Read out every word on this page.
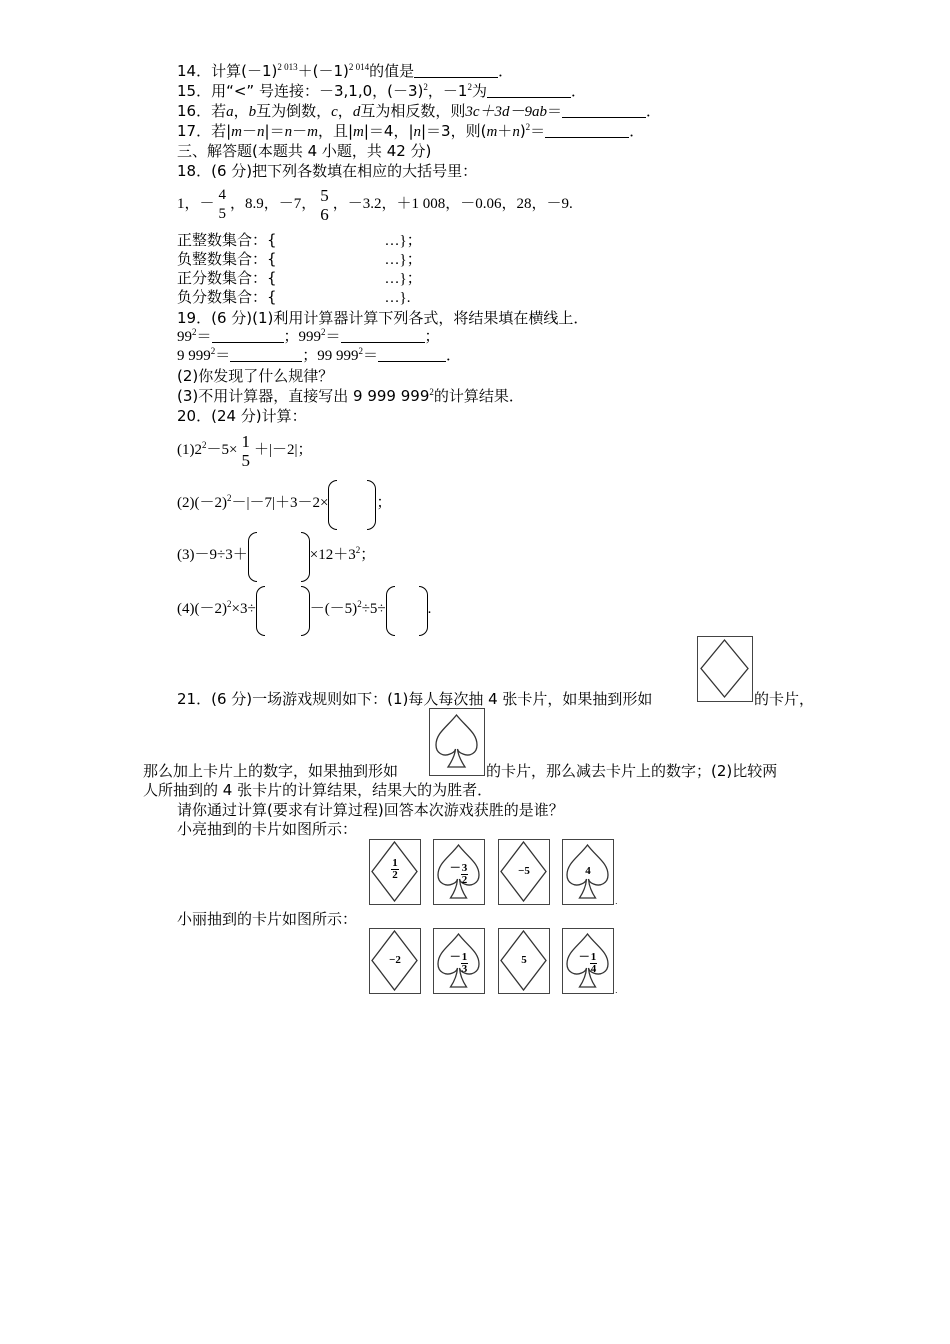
14．计算$(-1)^{2 013}+(-1)^{2 014}$的值是	．
15．用“<” 号连接：－3,1,0，$(-3)^2$，$-1^2$为	．
16．若a，b互为倒数，c，d互为相反数，则3c＋3d－9ab＝	．
17．若|m－n|＝n－m，且|m|＝4，|n|＝3，则$(m+n)^2=$	．
三、解答题(本题共 4 小题，共 42 分)
18．(6 分)把下列各数填在相应的大括号里：
1，－
4
5
，8.9，－7， 5
6
，－3.2，＋1 008，－0.06，28，－9.
正整数集合：{	…}；
负整数集合：{	…}；
正分数集合：{	…}；
负分数集合：{	…}.
19．(6 分)(1)利用计算器计算下列各式，将结果填在横线上．
$99^2=$	；$999^2=$	；
9 $999^2=$	；99 $999^2=$	．
(2)你发现了什么规律？
(3)不用计算器，直接写出 9 999 $999^2$的计算结果．
20．(24 分)计算：
$(1)2^2-5\times 1$
5
＋|－2|；
$(2)(-2)^2-|-7|+3-2\times$	；
(3)－9÷3＋	$\times 12+3^2$；
$(4)(-2)^2\times 3\div$	$-(-5)^2\div 5\div$	.
21．(6 分)一场游戏规则如下：(1)每人每次抽 4 张卡片，如果抽到形如	的卡片，
那么加上卡片上的数字，如果抽到形如	的卡片，那么减去卡片上的数字；(2)比较两
人所抽到的 4 张卡片的计算结果，结果大的为胜者．
请你通过计算(要求有计算过程)回答本次游戏获胜的是谁？
小亮抽到的卡片如图所示：
$\frac{1}{2}$	－ $\frac{3}{2}$	−5	4
.
小丽抽到的卡片如图所示：
−2	－ $\frac{1}{3}$	5	－ $\frac{1}{4}$
.
